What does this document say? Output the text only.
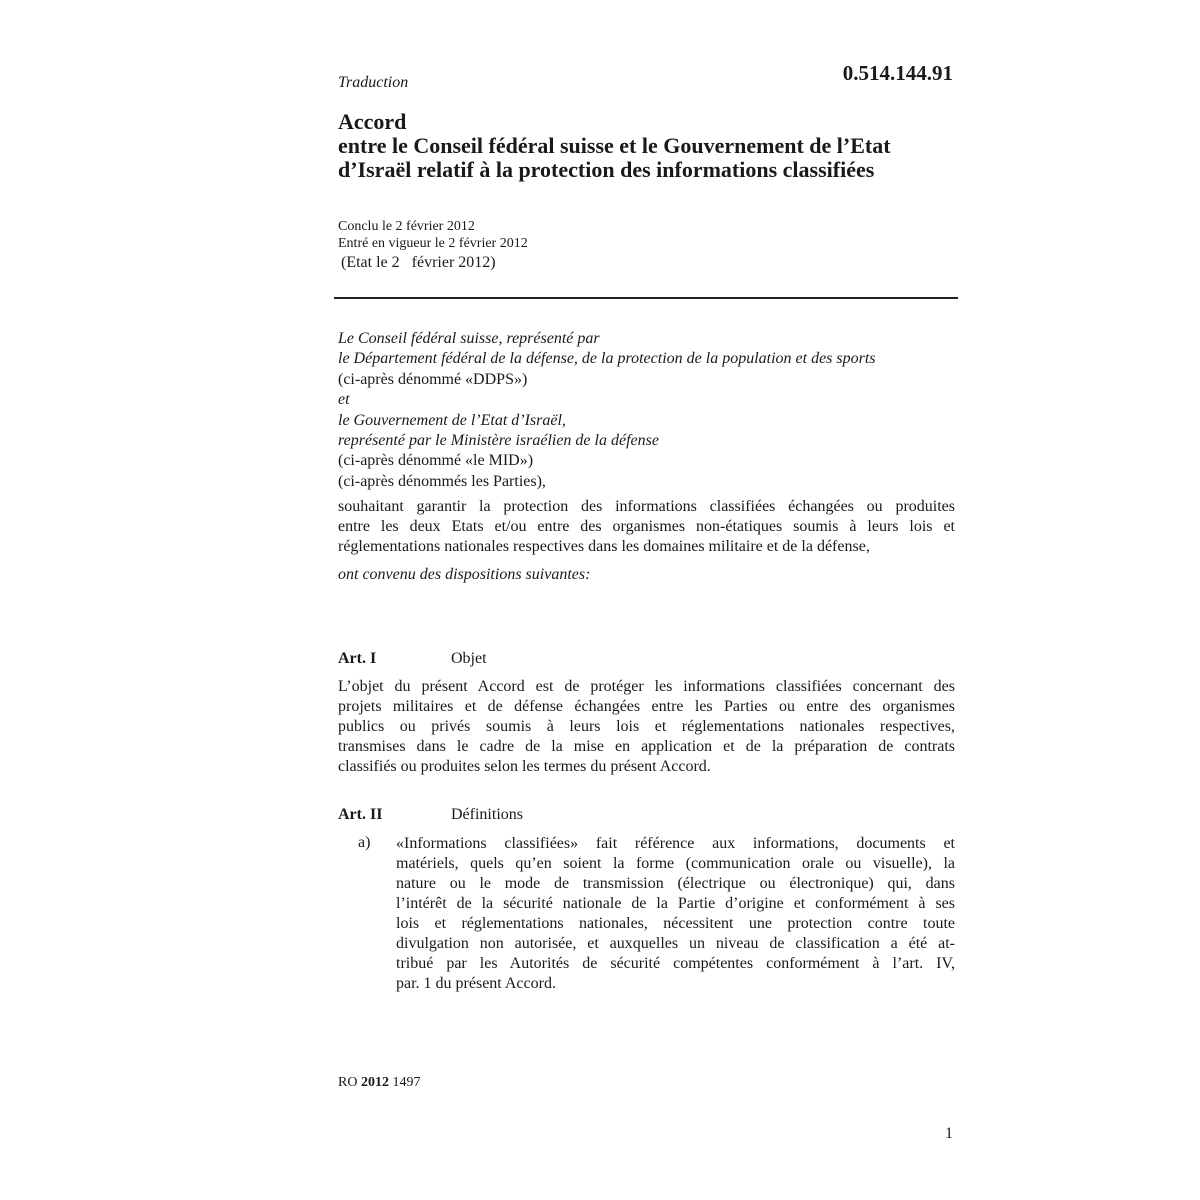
Traduction	0.514.144.91
Accord
entre le Conseil fédéral suisse et le Gouvernement de l’Etat
d’Israël relatif à la protection des informations classifiées
Conclu le 2 février 2012
Entré en vigueur le 2 février 2012
(Etat le 2   février 2012)
Le Conseil fédéral suisse, représenté par
le Département fédéral de la défense, de la protection de la population et des sports
(ci-après dénommé «DDPS»)
et
le Gouvernement de l’Etat d’Israël,
représenté par le Ministère israélien de la défense
(ci-après dénommé «le MID»)
(ci-après dénommés les Parties),
souhaitant garantir la protection des informations classifiées échangées ou produites
entre les deux Etats et/ou entre des organismes non-étatiques soumis à leurs lois et
réglementations nationales respectives dans les domaines militaire et de la défense,
ont convenu des dispositions suivantes:
Art. I	Objet
L’objet du présent Accord est de protéger les informations classifiées concernant des
projets militaires et de défense échangées entre les Parties ou entre des organismes
publics ou privés soumis à leurs lois et réglementations nationales respectives,
transmises dans le cadre de la mise en application et de la préparation de contrats
classifiés ou produites selon les termes du présent Accord.
Art. II	Définitions
a) «Informations classifiées» fait référence aux informations, documents et
matériels, quels qu’en soient la forme (communication orale ou visuelle), la
nature ou le mode de transmission (électrique ou électronique) qui, dans
l’intérêt de la sécurité nationale de la Partie d’origine et conformément à ses
lois et réglementations nationales, nécessitent une protection contre toute
divulgation non autorisée, et auxquelles un niveau de classification a été at-
tribué par les Autorités de sécurité compétentes conformément à l’art. IV,
par. 1 du présent Accord.
RO 2012 1497
1
